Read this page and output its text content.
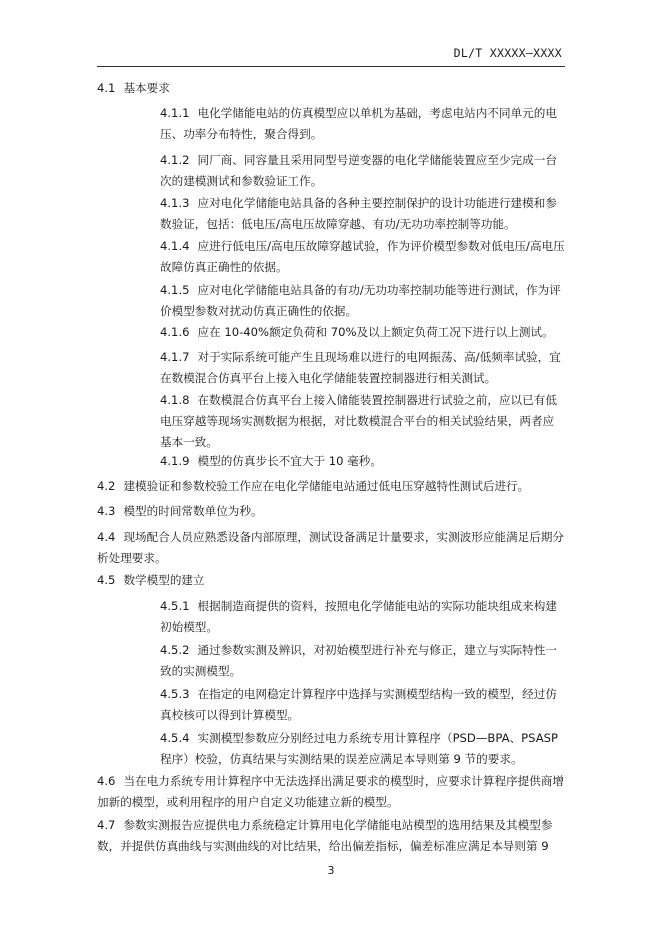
DL/T XXXXX—XXXX
4.1 基本要求
4.1.1 电化学储能电站的仿真模型应以单机为基础，考虑电站内不同单元的电压、功率分布特性，聚合得到。
4.1.2 同厂商、同容量且采用同型号逆变器的电化学储能装置应至少完成一台次的建模测试和参数验证工作。
4.1.3 应对电化学储能电站具备的各种主要控制保护的设计功能进行建模和参数验证，包括：低电压/高电压故障穿越、有功/无功功率控制等功能。
4.1.4 应进行低电压/高电压故障穿越试验，作为评价模型参数对低电压/高电压故障仿真正确性的依据。
4.1.5 应对电化学储能电站具备的有功/无功功率控制功能等进行测试，作为评价模型参数对扰动仿真正确性的依据。
4.1.6 应在 10-40%额定负荷和 70%及以上额定负荷工况下进行以上测试。
4.1.7 对于实际系统可能产生且现场难以进行的电网振荡、高/低频率试验，宜在数模混合仿真平台上接入电化学储能装置控制器进行相关测试。
4.1.8 在数模混合仿真平台上接入储能装置控制器进行试验之前，应以已有低电压穿越等现场实测数据为根据，对比数模混合平台的相关试验结果，两者应基本一致。
4.1.9 模型的仿真步长不宜大于 10 毫秒。
4.2 建模验证和参数校验工作应在电化学储能电站通过低电压穿越特性测试后进行。
4.3 模型的时间常数单位为秒。
4.4 现场配合人员应熟悉设备内部原理，测试设备满足计量要求，实测波形应能满足后期分析处理要求。
4.5 数学模型的建立
4.5.1 根据制造商提供的资料，按照电化学储能电站的实际功能块组成来构建初始模型。
4.5.2 通过参数实测及辨识，对初始模型进行补充与修正，建立与实际特性一致的实测模型。
4.5.3 在指定的电网稳定计算程序中选择与实测模型结构一致的模型，经过仿真校核可以得到计算模型。
4.5.4 实测模型参数应分别经过电力系统专用计算程序（PSD—BPA、PSASP 程序）校验，仿真结果与实测结果的误差应满足本导则第 9 节的要求。
4.6 当在电力系统专用计算程序中无法选择出满足要求的模型时，应要求计算程序提供商增加新的模型，或利用程序的用户自定义功能建立新的模型。
4.7 参数实测报告应提供电力系统稳定计算用电化学储能电站模型的选用结果及其模型参数，并提供仿真曲线与实测曲线的对比结果，给出偏差指标，偏差标准应满足本导则第 9
3
